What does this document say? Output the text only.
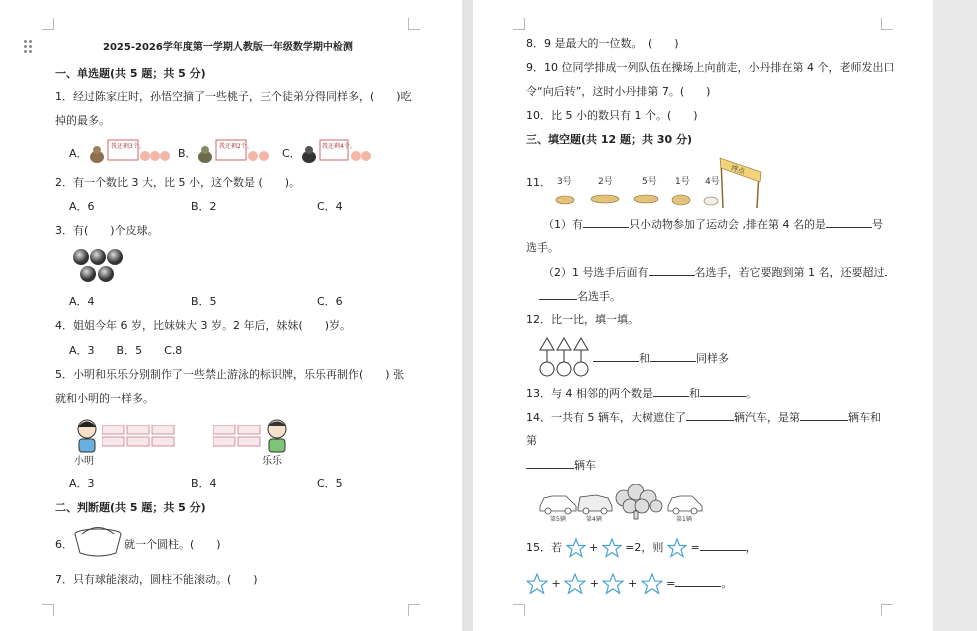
2025-2026学年度第一学期人教版一年级数学期中检测
一、单选题(共 5 题；共 5 分)
1．经过陈家庄时，孙悟空摘了一些桃子，三个徒弟分得同样多，(　　)吃
掉的最多。
A．
我还剩3个。
B．
我还剩2个。
C．
我还剩4个。
2．有一个数比 3 大，比 5 小，这个数是 (　　)。
A．6	B．2	C．4
3．有(　　)个皮球。
A．4	B．5	C．6
4．姐姐今年 6 岁，比妹妹大 3 岁。2 年后，妹妹(　　)岁。
A．3　　B．5　　C.8
5．小明和乐乐分别制作了一些禁止游泳的标识牌，乐乐再制作(　　) 张
就和小明的一样多。
小明	乐乐
A．3	B．4	C．5
二、判断题(共 5 题；共 5 分)
6．	就一个圆柱。(　　)
7．只有球能滚动，圆柱不能滚动。(　　)
8．9 是最大的一位数。　(　　)
9．10 位同学排成一列队伍在操场上向前走，小丹排在第 4 个，老师发出口
令“向后转”，这时小丹排第 7。(　　)
10．比 5 小的数只有 1 个。(　　)
三、填空题(共 12 题；共 30 分)
11． 3号	2号	5号 1号 4号
终点
（1）有	只小动物参加了运动会 ,排在第 4 名的是	号
选手。
（2）1 号选手后面有	名选手，若它要跑到第 1 名，还要超过
名选手。
12．比一比，填一填。
和	同样多
13．与 4 相邻的两个数是	和	。
14．一共有 5 辆车，大树遮住了	辆汽车，是第	辆车和
第
辆车
第5辆	第4辆	第1辆
15．若 + =2，则 =	，
+	+	+	=	。
